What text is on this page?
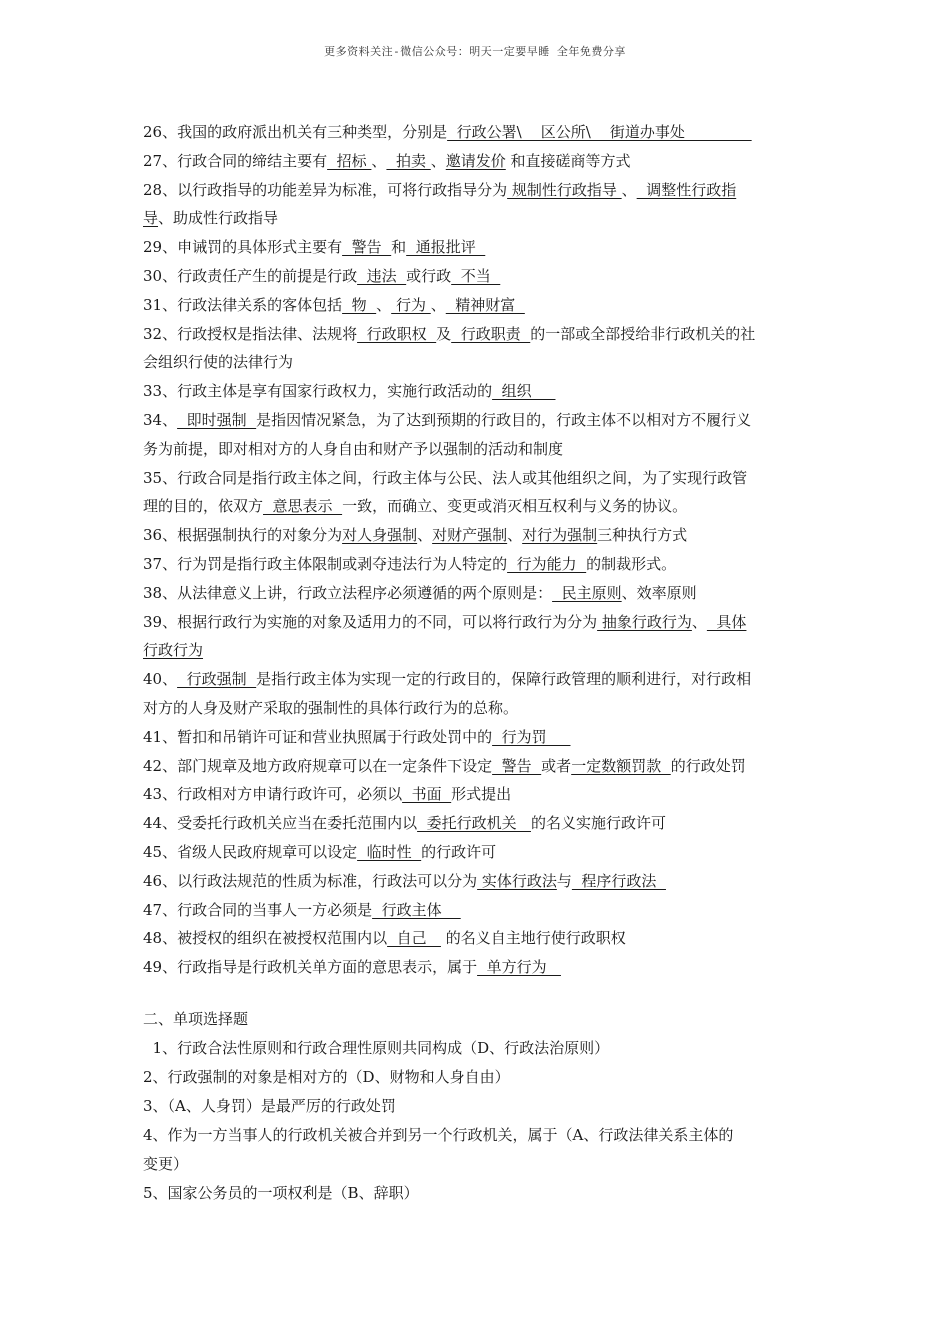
更多资料关注-微信公众号：明天一定要早睡 全年免费分享
26、我国的政府派出机关有三种类型，分别是  行政公署\    区公所\    街道办事处
27、行政合同的缔结主要有  招标 、  拍卖 、邀请发价 和直接磋商等方式
28、以行政指导的功能差异为标准，可将行政指导分为 规制性行政指导 、  调整性行政指
导、助成性行政指导
29、申诫罚的具体形式主要有  警告  和  通报批评
30、行政责任产生的前提是行政  违法  或行政  不当
31、行政法律关系的客体包括  物  、 行为 、  精神财富
32、行政授权是指法律、法规将  行政职权  及  行政职责  的一部或全部授给非行政机关的社
会组织行使的法律行为
33、行政主体是享有国家行政权力，实施行政活动的  组织
34、  即时强制  是指因情况紧急，为了达到预期的行政目的，行政主体不以相对方不履行义
务为前提，即对相对方的人身自由和财产予以强制的活动和制度
35、行政合同是指行政主体之间，行政主体与公民、法人或其他组织之间，为了实现行政管
理的目的，依双方  意思表示  一致，而确立、变更或消灭相互权利与义务的协议。
36、根据强制执行的对象分为对人身强制、对财产强制、对行为强制三种执行方式
37、行为罚是指行政主体限制或剥夺违法行为人特定的  行为能力  的制裁形式。
38、从法律意义上讲，行政立法程序必须遵循的两个原则是：  民主原则、效率原则
39、根据行政行为实施的对象及适用力的不同，可以将行政行为分为 抽象行政行为、  具体
行政行为
40、  行政强制  是指行政主体为实现一定的行政目的，保障行政管理的顺利进行，对行政相
对方的人身及财产采取的强制性的具体行政行为的总称。
41、暂扣和吊销许可证和营业执照属于行政处罚中的  行为罚
42、部门规章及地方政府规章可以在一定条件下设定  警告  或者一定数额罚款  的行政处罚
43、行政相对方申请行政许可，必须以  书面  形式提出
44、受委托行政机关应当在委托范围内以  委托行政机关   的名义实施行政许可
45、省级人民政府规章可以设定  临时性  的行政许可
46、以行政法规范的性质为标准，行政法可以分为 实体行政法与  程序行政法
47、行政合同的当事人一方必须是  行政主体
48、被授权的组织在被授权范围内以  自己    的名义自主地行使行政职权
49、行政指导是行政机关单方面的意思表示，属于  单方行为
二、单项选择题
1、行政合法性原则和行政合理性原则共同构成（D、行政法治原则）
2、行政强制的对象是相对方的（D、财物和人身自由）
3、（A、人身罚）是最严厉的行政处罚
4、作为一方当事人的行政机关被合并到另一个行政机关，属于（A、行政法律关系主体的
变更）
5、国家公务员的一项权利是（B、辞职）
